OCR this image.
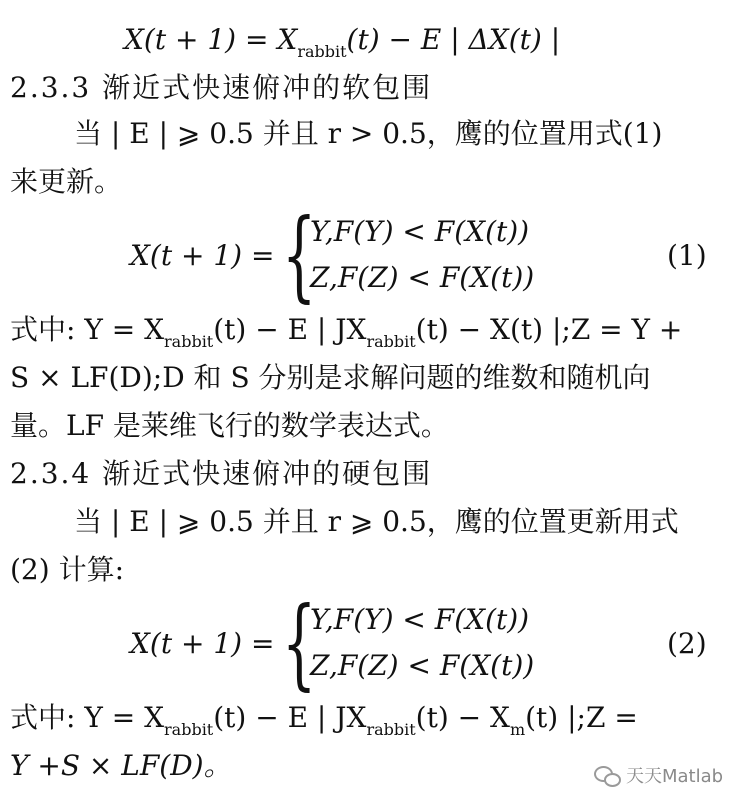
$X(t + 1) = X_{rabbit}(t) - E$ | ΔX(t) |
2.3.3 渐近式快速俯冲的软包围
当 | E | ⩾ 0.5 并且 r > 0.5，鹰的位置用式(1)
来更新。
X(t + 1) = {
Y,F(Y) < F(X(t))
Z,F(Z) < F(X(t))
(1)
式中: $Y = X_{rabbit}(t) - E$ | $JX_{rabbit}(t) - X(t)$ |;Z = Y +
S × LF(D);D 和 S 分别是求解问题的维数和随机向
量。LF 是莱维飞行的数学表达式。
2.3.4 渐近式快速俯冲的硬包围
当 | E | ⩾ 0.5 并且 r ⩾ 0.5，鹰的位置更新用式
(2) 计算:
X(t + 1) = {
Y,F(Y) < F(X(t))
Z,F(Z) < F(X(t))
(2)
式中: $Y = X_{rabbit}(t) - E$ | $JX_{rabbit}(t) - X_m(t)$ |;Z =
Y +S × LF(D)。	天天Matlab
